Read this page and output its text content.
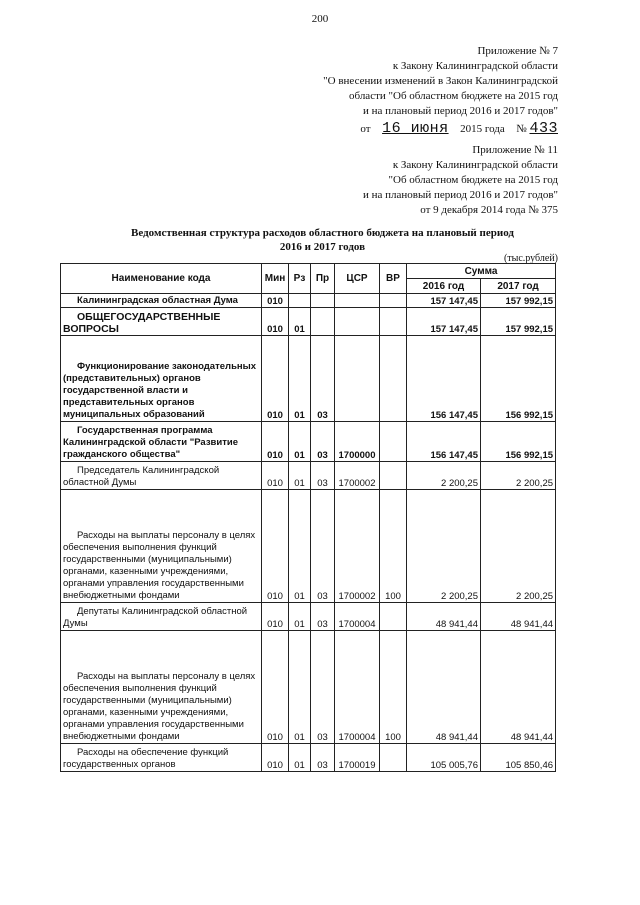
200
Приложение № 7
к Закону Калининградской области
"О внесении изменений в Закон Калининградской
области "Об областном бюджете на 2015 год
и на плановый период 2016 и 2017 годов"
от 16 июня 2015 года № 433
Приложение № 11
к Закону Калининградской области
"Об областном бюджете на 2015 год
и на плановый период 2016 и 2017 годов"
от 9 декабря 2014 года № 375
Ведомственная структура расходов областного бюджета на плановый период
2016 и 2017 годов
(тыс.рублей)
Наименование кода	Мин	Рз	Пр	ЦСР	ВР	Сумма	
						2016 год	2017 год
Калининградская областная Дума	010					157 147,45	157 992,15
ОБЩЕГОСУДАРСТВЕННЫЕ ВОПРОСЫ	010	01				157 147,45	157 992,15
Функционирование законодательных (представительных) органов государственной власти и представительных органов муниципальных образований	010	01	03			156 147,45	156 992,15
Государственная программа Калининградской области "Развитие гражданского общества"	010	01	03	1700000		156 147,45	156 992,15
Председатель Калининградской областной Думы	010	01	03	1700002		2 200,25	2 200,25
Расходы на выплаты персоналу в целях обеспечения выполнения функций государственными (муниципальными) органами, казенными учреждениями, органами управления государственными внебюджетными фондами	010	01	03	1700002	100	2 200,25	2 200,25
Депутаты Калининградской областной Думы	010	01	03	1700004		48 941,44	48 941,44
Расходы на выплаты персоналу в целях обеспечения выполнения функций государственными (муниципальными) органами, казенными учреждениями, органами управления государственными внебюджетными фондами	010	01	03	1700004	100	48 941,44	48 941,44
Расходы на обеспечение функций государственных органов	010	01	03	1700019		105 005,76	105 850,46
